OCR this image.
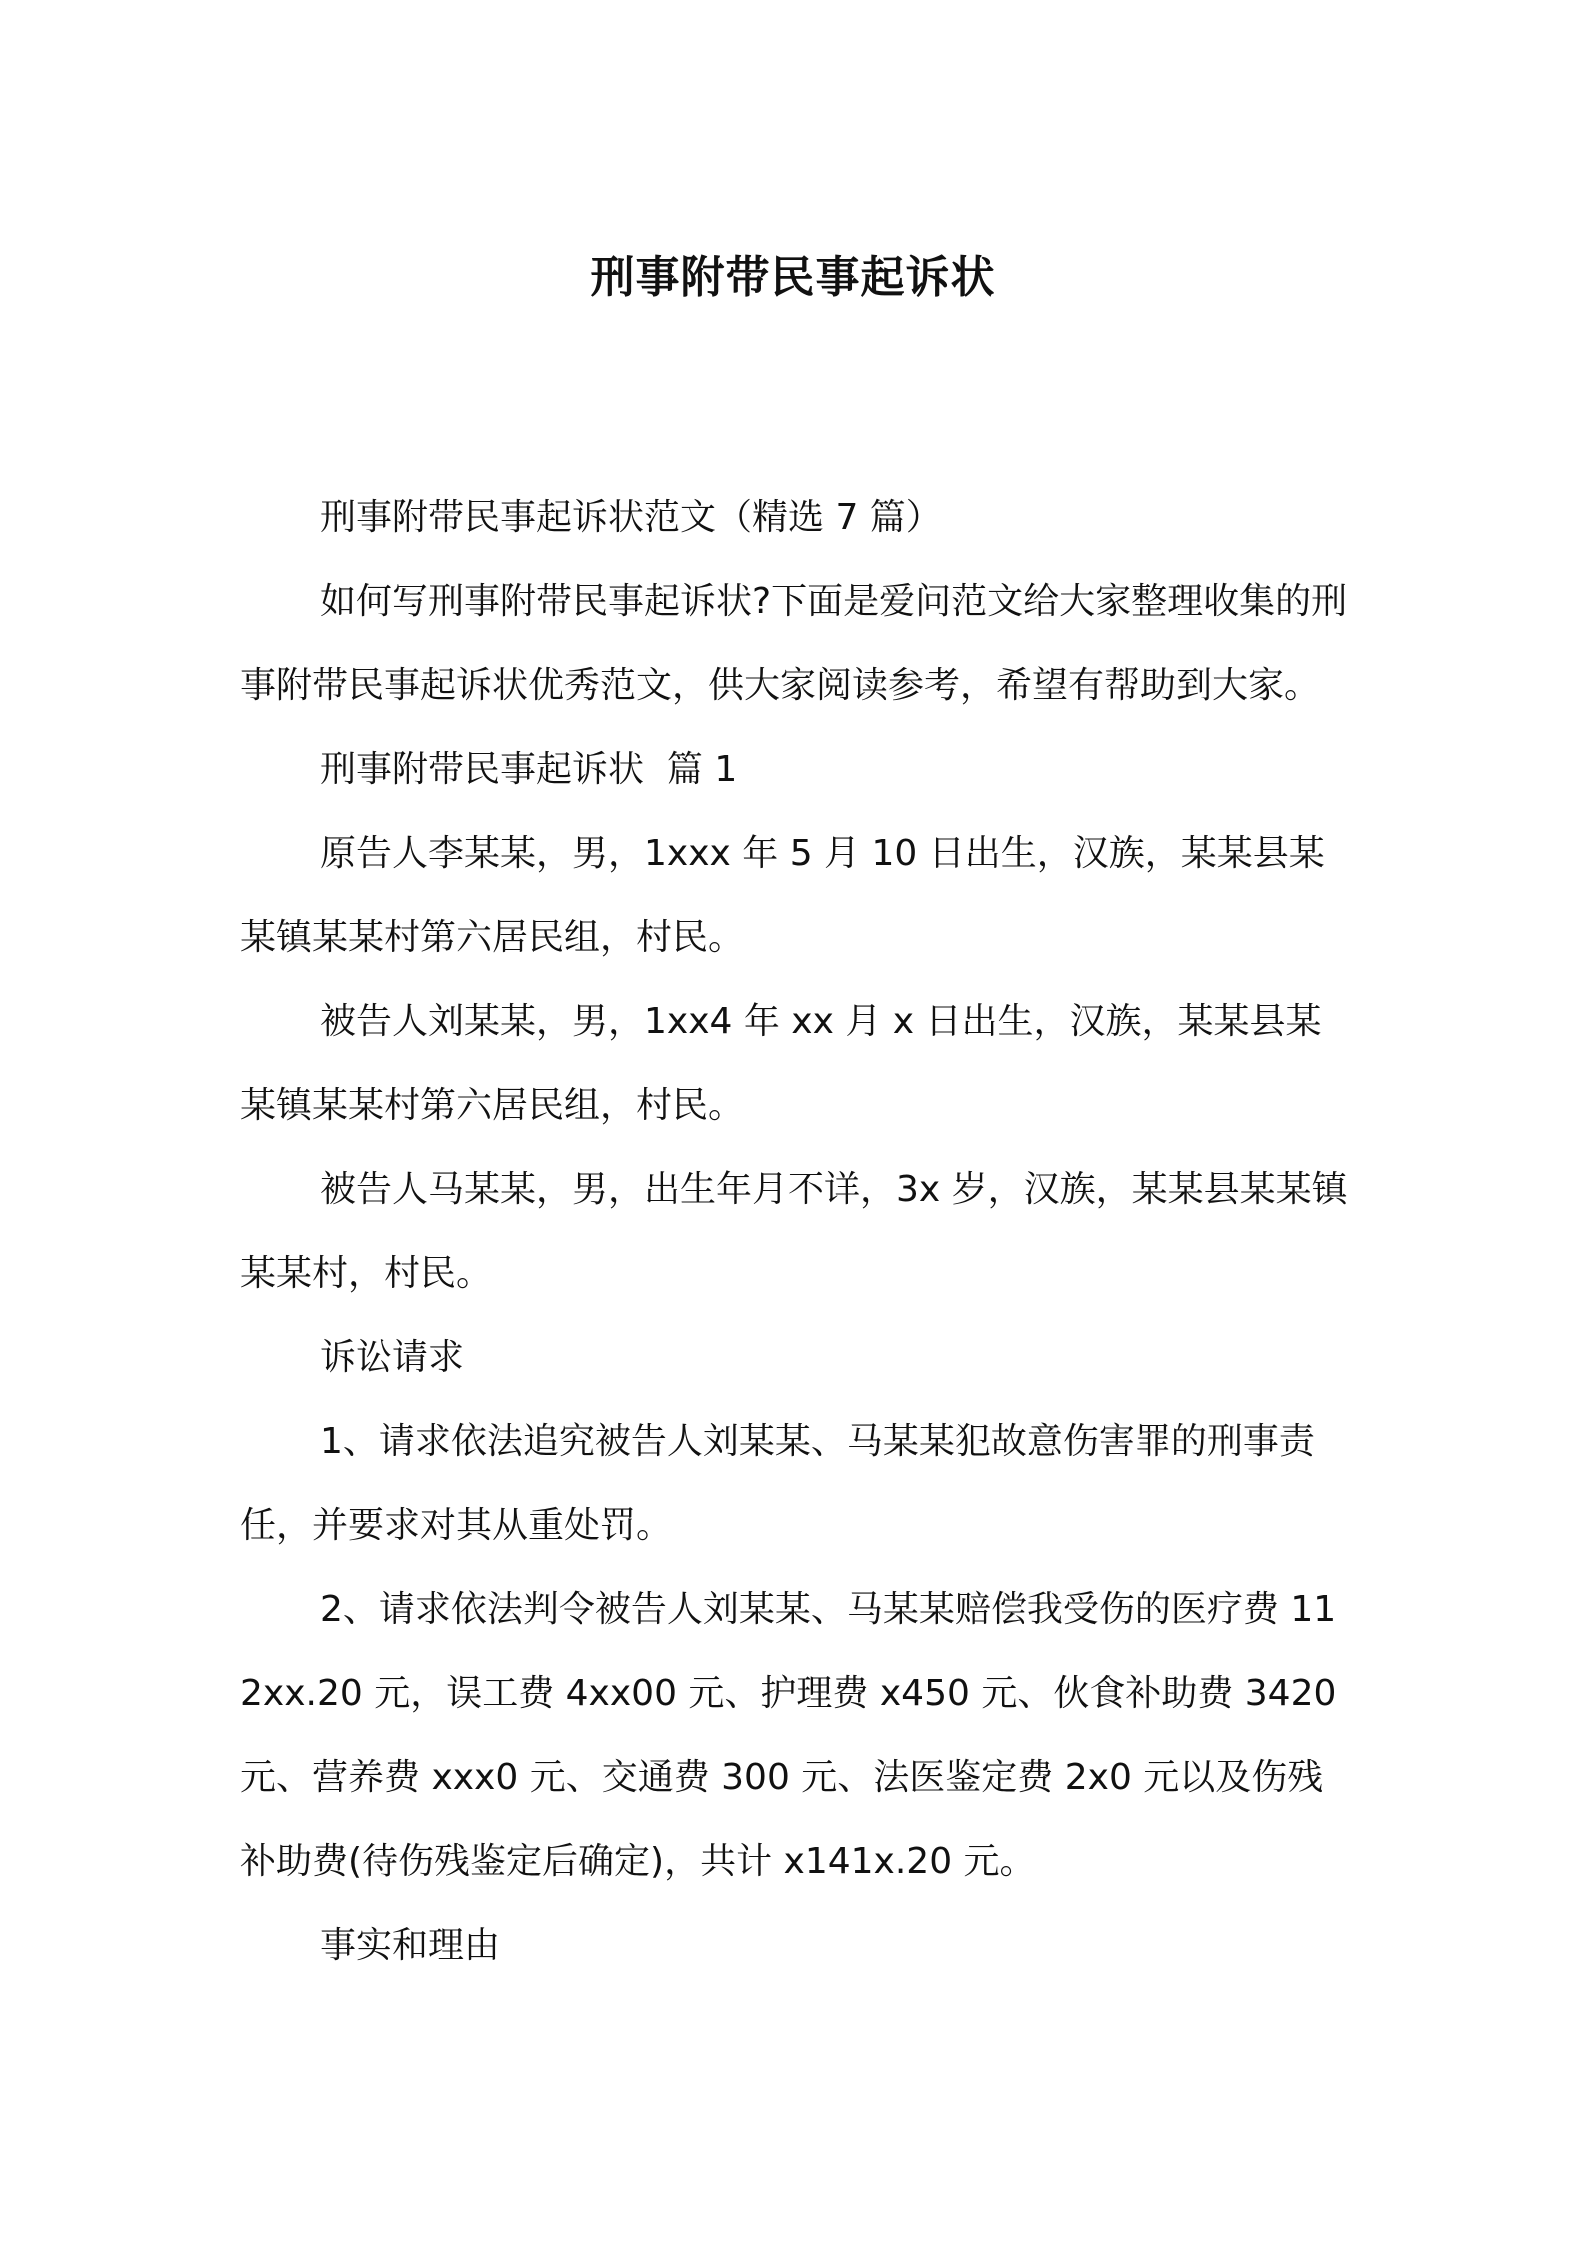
刑事附带民事起诉状

刑事附带民事起诉状范文（精选 7 篇）

如何写刑事附带民事起诉状?下面是爱问范文给大家整理收集的刑事附带民事起诉状优秀范文，供大家阅读参考，希望有帮助到大家。

刑事附带民事起诉状  篇 1

原告人李某某，男，1xxx 年 5 月 10 日出生，汉族，某某县某某镇某某村第六居民组，村民。

被告人刘某某，男，1xx4 年 xx 月 x 日出生，汉族，某某县某某镇某某村第六居民组，村民。

被告人马某某，男，出生年月不详，3x 岁，汉族，某某县某某镇某某村，村民。

诉讼请求

1、请求依法追究被告人刘某某、马某某犯故意伤害罪的刑事责任，并要求对其从重处罚。

2、请求依法判令被告人刘某某、马某某赔偿我受伤的医疗费 112xx.20 元，误工费 4xx00 元、护理费 x450 元、伙食补助费 3420 元、营养费 xxx0 元、交通费 300 元、法医鉴定费 2x0 元以及伤残补助费(待伤残鉴定后确定)，共计 x141x.20 元。

事实和理由
